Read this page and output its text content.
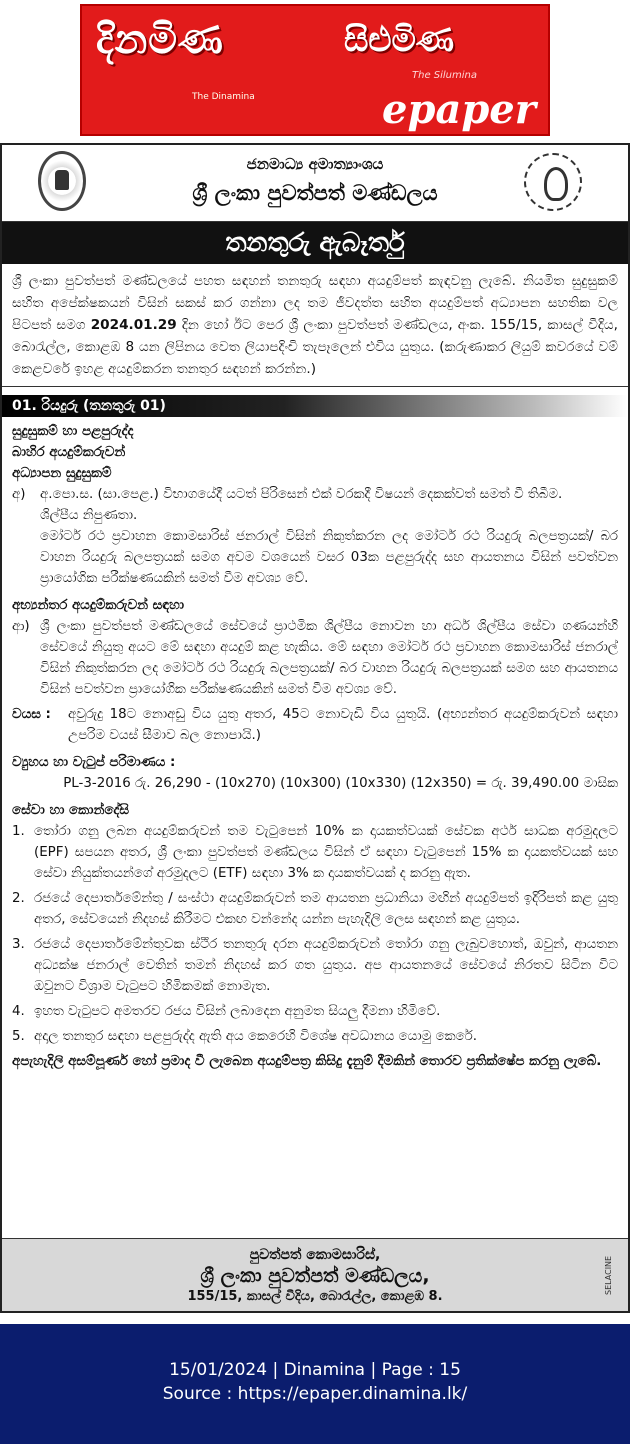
දිනමිණ
The Dinamina
සිළුමිණ
The Silumina
epaper
ජනමාධ්‍ය අමාත්‍යාංශය
ශ්‍රී ලංකා පුවත්පත් මණ්ඩලය
තනතුරු ඇබෑර්තු
ශ්‍රී ලංකා පුවත්පත් මණ්ඩලයේ පහත සඳහන් තනතුරු සඳහා අයදුම්පත් කැඳවනු ලැබේ. නියමිත සුදුසුකම් සහිත අපේක්ෂකයන් විසින් සකස් කර ගන්නා ලද තම ජීවදත්ත සහිත අයදුම්පත් අධ්‍යාපන සහතික වල පිටපත් සමග 2024.01.29 දින හෝ ඊට පෙර ශ්‍රී ලංකා පුවත්පත් මණ්ඩලය, අංක. 155/15, කාසල් වීදිය, බොරැල්ල, කොළඹ 8 යන ලිපිනය වෙත ලියාපදිංචි තැපෑලෙන් එවිය යුතුය. (කරුණාකර ලියුම් කවරයේ වම් කෙළවරේ ඉහළ අයදුම්කරන තනතුර සඳහන් කරන්න.)
01. රියදුරු (තනතුරු 01)

සුදුසුකම් හා පළපුරුද්ද

බාහිර අයදුම්කරුවන්

අධ්‍යාපන සුදුසුකම්

අ)	අ.පො.ස. (සා.පෙළ.) විභාගයේදී යටත් පිරිසෙන් එක් වරකදී විෂයන් දෙකක්වත් සමත් වී තිබීම.
ශිල්පීය නිපුණතා.
මෝටර් රථ ප්‍රවාහන කොමසාරිස් ජනරාල් විසින් නිකුත්කරන ලද මෝටර් රථ රියදුරු බලපත්‍රයක්/ බර වාහන රියදුරු බලපත්‍රයක් සමග අවම වශයෙන් වසර 03ක පළපුරුද්ද සහ ආයතනය විසින් පවත්වන ප්‍රායෝගික පරීක්ෂණයකින් සමත් වීම අවශ්‍ය වේ.

අභ්‍යන්තර අයදුම්කරුවන් සඳහා

ආ) ශ්‍රී ලංකා පුවත්පත් මණ්ඩලයේ සේවයේ ප්‍රාථමික ශිල්පීය නොවන හා අර්ධ ශිල්පීය සේවා ගණයන්හි සේවයේ නියුතු අයට මේ සඳහා අයදුම් කළ හැකිය. මේ සඳහා මෝටර් රථ ප්‍රවාහන කොමසාරිස් ජනරාල් විසින් නිකුත්කරන ලද මෝටර් රථ රියදුරු බලපත්‍රයක්/ බර වාහන රියදුරු බලපත්‍රයක් සමග සහ ආයතනය විසින් පවත්වන ප්‍රායෝගික පරීක්ෂණයකින් සමත් වීම අවශ්‍ය වේ.
වයස :	අවුරුදු 18ට නොඅඩු විය යුතු අතර, 45ට නොවැඩි විය යුතුයි. (අභ්‍යන්තර අයදුම්කරුවන් සඳහා උපරිම වයස් සීමාව බල නොපායි.)

ව්‍යුහය හා වැටුප් පරිමාණය :

PL-3-2016 රු. 26,290 - (10x270) (10x300) (10x330) (12x350) = රු. 39,490.00 මාසික

සේවා හා කොන්දේසි

1. තෝරා ගනු ලබන අයදුම්කරුවන් තම වැටුපෙන් 10% ක දායකත්වයක් සේවක අර්ථ සාධක අරමුදලට (EPF) සපයන අතර, ශ්‍රී ලංකා පුවත්පත් මණ්ඩලය විසින් ඒ සඳහා වැටුපෙන් 15% ක දායකත්වයක් සහ සේවා නියුක්තයන්ගේ අරමුදලට (ETF) සඳහා 3% ක දායකත්වයක් ද කරනු ඇත.
2. රජයේ දෙපාර්තමේන්තු / සංස්ථා අයදුම්කරුවන් තම ආයතන ප්‍රධානියා මඟින් අයදුම්පත් ඉදිරිපත් කළ යුතු අතර, සේවයෙන් නිදහස් කිරීමට එකඟ වන්නේද යන්න පැහැදිලි ලෙස සඳහන් කළ යුතුය.
3. රජයේ දෙපාර්තමේන්තුවක ස්ථිර තනතුරු දරන අයදුම්කරුවන් තෝරා ගනු ලැබුවහොත්, ඔවුන්, ආයතන අධ්‍යක්ෂ ජනරාල් වෙතින් තමන් නිදහස් කර ගත යුතුය. අප ආයතනයේ සේවයේ නිරතව සිටින විට ඔවුනට විශ්‍රාම වැටුපට හිමිකමක් නොමැත.
4. ඉහත වැටුපට අමතරව රජය විසින් ලබාදෙන අනුමත සියලු දීමනා හිමිවේ.
5. අදාල තනතුර සඳහා පළපුරුද්ද ඇති අය කෙරෙහි විශේෂ අවධානය යොමු කෙරේ.

අපැහැදිලි අසම්පූර්ණ හෝ ප්‍රමාද වී ලැබෙන අයදුම්පත්‍ර කිසිදු දැනුම් දීමකින් තොරව ප්‍රතික්ෂේප කරනු ලැබේ.

පුවත්පත් කොමසාරිස්,
ශ්‍රී ලංකා පුවත්පත් මණ්ඩලය,
155/15, කාසල් වීදිය, බොරැල්ල, කොළඹ 8.
SELACINE
15/01/2024 | Dinamina | Page : 15
Source : https://epaper.dinamina.lk/
